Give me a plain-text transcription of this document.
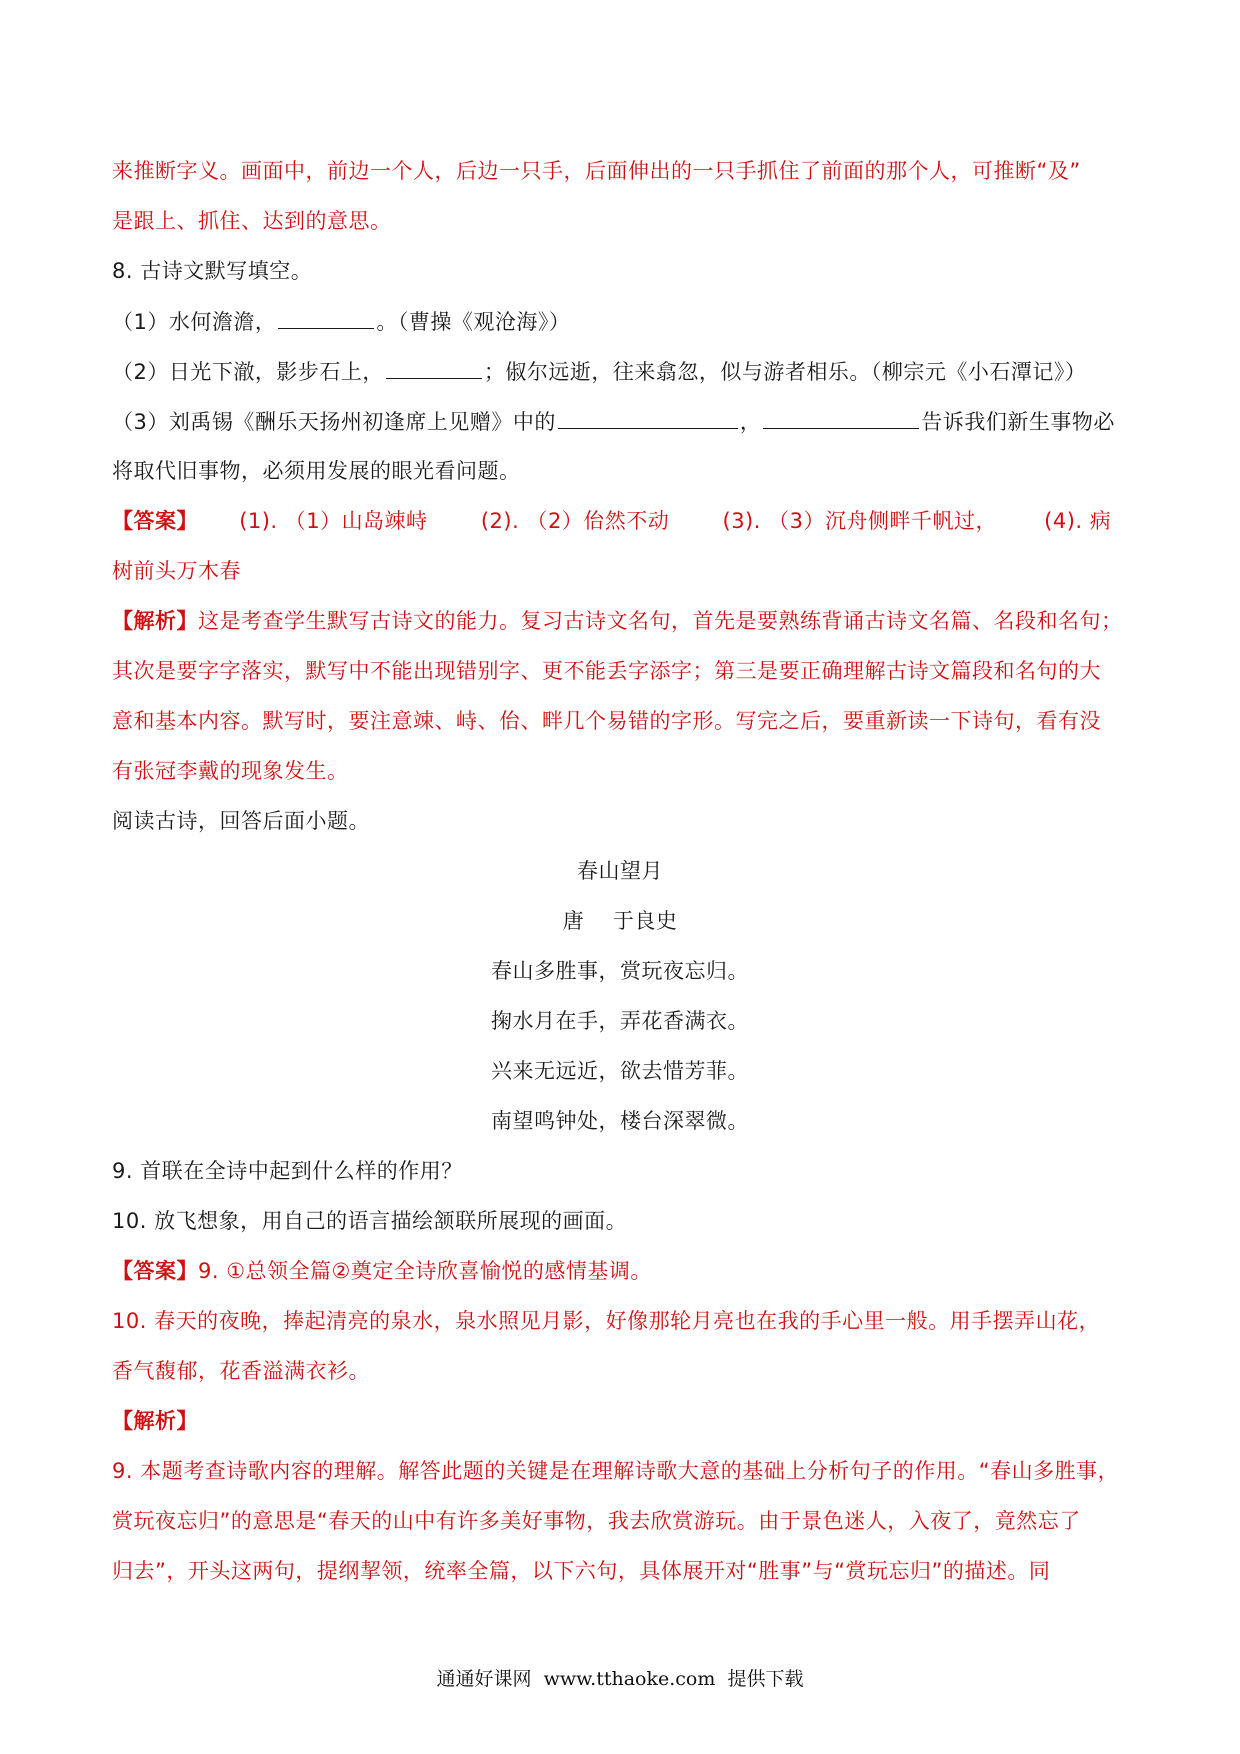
来推断字义。画面中，前边一个人，后边一只手，后面伸出的一只手抓住了前面的那个人，可推断“及”
是跟上、抓住、达到的意思。
8. 古诗文默写填空。
（1）水何澹澹，	。（曹操《观沧海》）
（2）日光下澈，影步石上，	；俶尔远逝，往来翕忽，似与游者相乐。（柳宗元《小石潭记》）
（3）刘禹锡《酬乐天扬州初逢席上见赠》中的	，	告诉我们新生事物必
将取代旧事物，必须用发展的眼光看问题。
【答案】 (1). （1）山岛竦峙	(2). （2）佁然不动	(3). （3）沉舟侧畔千帆过， (4). 病
树前头万木春
【解析】这是考查学生默写古诗文的能力。复习古诗文名句，首先是要熟练背诵古诗文名篇、名段和名句；
其次是要字字落实，默写中不能出现错别字、更不能丢字添字；第三是要正确理解古诗文篇段和名句的大
意和基本内容。默写时，要注意竦、峙、佁、畔几个易错的字形。写完之后，要重新读一下诗句，看有没
有张冠李戴的现象发生。
阅读古诗，回答后面小题。
春山望月
唐    于良史
春山多胜事，赏玩夜忘归。
掬水月在手，弄花香满衣。
兴来无远近，欲去惜芳菲。
南望鸣钟处，楼台深翠微。
9. 首联在全诗中起到什么样的作用？
10. 放飞想象，用自己的语言描绘颔联所展现的画面。
【答案】9. ①总领全篇②奠定全诗欣喜愉悦的感情基调。
10. 春天的夜晚，捧起清亮的泉水，泉水照见月影，好像那轮月亮也在我的手心里一般。用手摆弄山花，
香气馥郁，花香溢满衣衫。
【解析】
9. 本题考查诗歌内容的理解。解答此题的关键是在理解诗歌大意的基础上分析句子的作用。“春山多胜事，
赏玩夜忘归”的意思是“春天的山中有许多美好事物，我去欣赏游玩。由于景色迷人，入夜了，竟然忘了
归去”，开头这两句，提纲挈领，统率全篇，以下六句，具体展开对“胜事”与“赏玩忘归”的描述。同
通通好课网  www.tthaoke.com  提供下载
